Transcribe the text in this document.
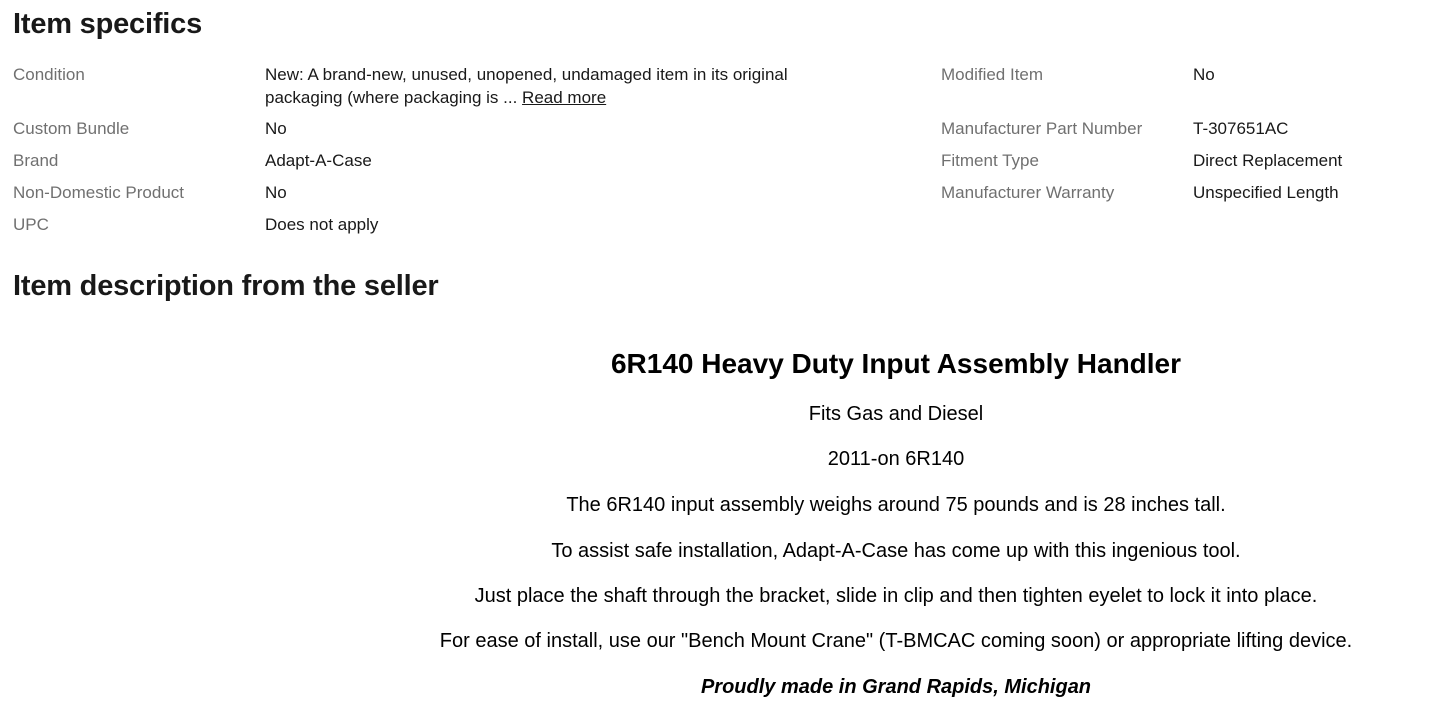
Item specifics
Condition	New: A brand-new, unused, unopened, undamaged item in its original packaging (where packaging is ... Read more
Custom Bundle	No
Brand	Adapt-A-Case
Non-Domestic Product	No
UPC	Does not apply
Modified Item	No
Manufacturer Part Number	T-307651AC
Fitment Type	Direct Replacement
Manufacturer Warranty	Unspecified Length
Item description from the seller
6R140 Heavy Duty Input Assembly Handler
Fits Gas and Diesel
2011-on 6R140
The 6R140 input assembly weighs around 75 pounds and is 28 inches tall.
To assist safe installation, Adapt-A-Case has come up with this ingenious tool.
Just place the shaft through the bracket, slide in clip and then tighten eyelet to lock it into place.
For ease of install, use our "Bench Mount Crane" (T-BMCAC coming soon) or appropriate lifting device.
Proudly made in Grand Rapids, Michigan
